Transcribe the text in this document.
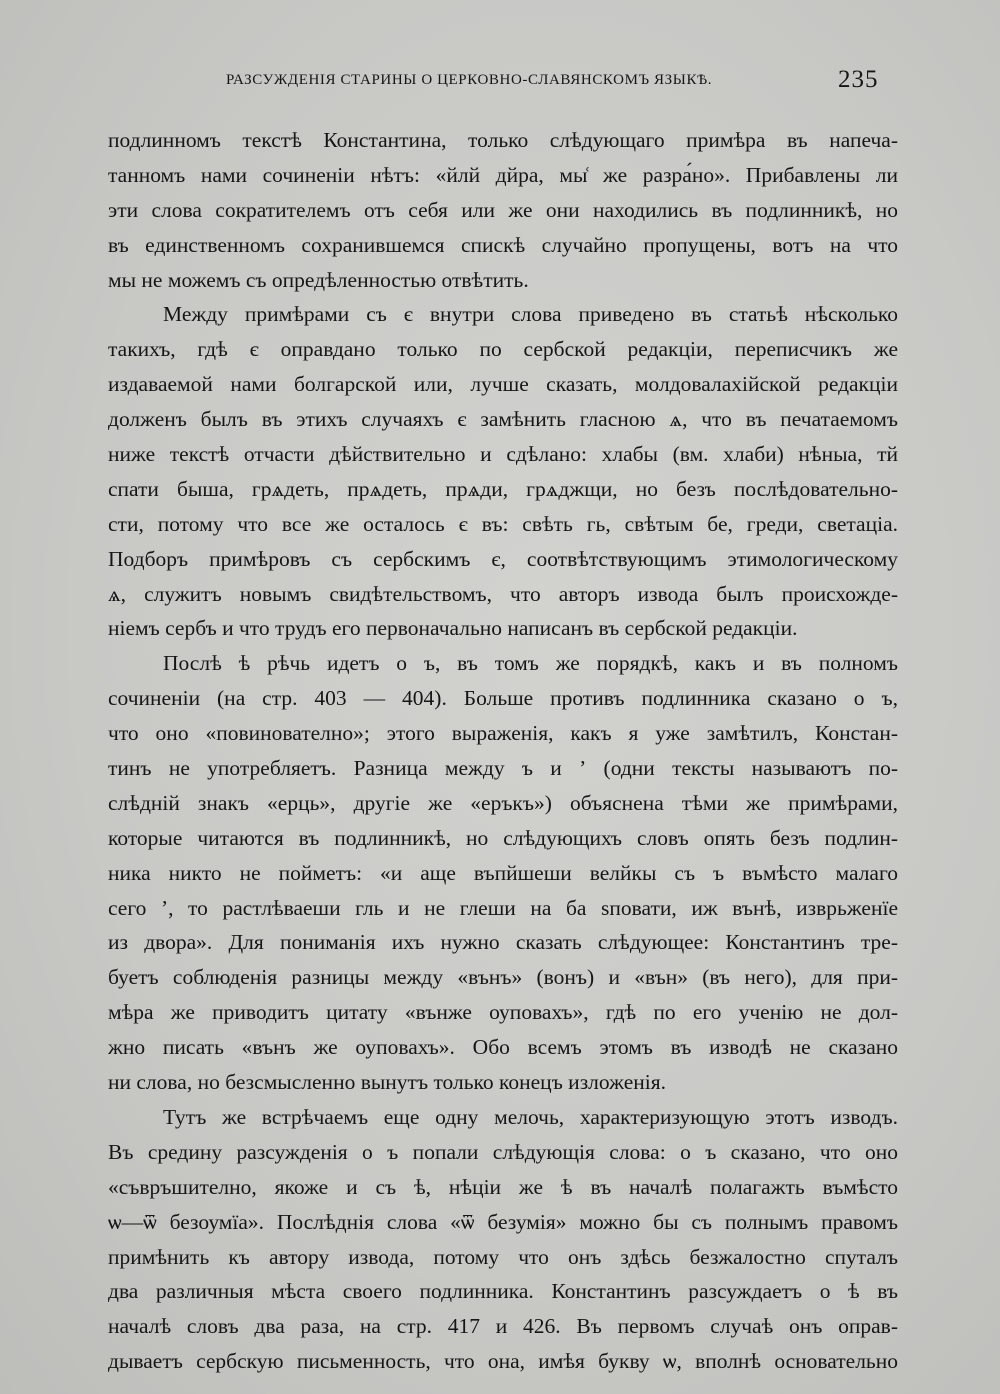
РАЗСУЖДЕНІЯ СТАРИНЫ О ЦЕРКОВНО-СЛАВЯНСКОМЪ ЯЗЫКѢ.	235
подлинномъ текстѣ Константина, только слѣдующаго примѣра въ напеча-
танномъ нами сочиненіи нѣтъ: «йлй дйра, мы͑ же разра́но». Прибавлены ли
эти слова сократителемъ отъ себя или же они находились въ подлинникѣ, но
въ единственномъ сохранившемся спискѣ случайно пропущены, вотъ на что
мы не можемъ съ опредѣленностью отвѣтить.
Между примѣрами съ є внутри слова приведено въ статьѣ нѣсколько
такихъ, гдѣ є оправдано только по сербской редакціи, переписчикъ же
издаваемой нами болгарской или, лучше сказать, молдовалахійской редакціи
долженъ былъ въ этихъ случаяхъ є замѣнить гласною ѧ, что въ печатаемомъ
ниже текстѣ отчасти дѣйствительно и сдѣлано: хлабы (вм. хлаби) нѣныа, тй
спати быша, грѧдеть, прѧдеть, прѧди, грѧджщи, но безъ послѣдовательно-
сти, потому что все же осталось є въ: свѣть гь, свѣтым бе, греди, светаціа.
Подборъ примѣровъ съ сербскимъ є, соотвѣтствующимъ этимологическому
ѧ, служитъ новымъ свидѣтельствомъ, что авторъ извода былъ происхожде-
ніемъ сербъ и что трудъ его первоначально написанъ въ сербской редакціи.
Послѣ ѣ рѣчь идетъ о ъ, въ томъ же порядкѣ, какъ и въ полномъ
сочиненіи (на стр. 403 — 404). Больше противъ подлинника сказано о ъ,
что оно «повинователно»; этого выраженія, какъ я уже замѣтилъ, Констан-
тинъ не употребляетъ. Разница между ъ и ʼ (одни тексты называютъ по-
слѣдній знакъ «ерць», другіе же «еръкъ») объяснена тѣми же примѣрами,
которые читаются въ подлинникѣ, но слѣдующихъ словъ опять безъ подлин-
ника никто не пойметъ: «и аще въпйшеши велйкы съ ъ въмѣсто малаго
сего ʼ, то растлѣваеши гль и не глеши на ба ѕповати, иж вънѣ, изврьженїе
из двора». Для пониманія ихъ нужно сказать слѣдующее: Константинъ тре-
буетъ соблюденія разницы между «вънъ» (вонъ) и «вън» (въ него), для при-
мѣра же приводитъ цитату «вънже оуповахъ», гдѣ по его ученію не дол-
жно писать «вънъ же оуповахъ». Обо всемъ этомъ въ изводѣ не сказано
ни слова, но безсмысленно вынутъ только конецъ изложенія.
Тутъ же встрѣчаемъ еще одну мелочь, характеризующую этотъ изводъ.
Въ средину разсужденія о ъ попали слѣдующія слова: о ъ сказано, что оно
«съвръшително, якоже и съ ѣ, нѣціи же ѣ въ началѣ полагажть въмѣсто
ѡ—ѿ безоумїа». Послѣднія слова «ѿ безумія» можно бы съ полнымъ правомъ
примѣнить къ автору извода, потому что онъ здѣсь безжалостно спуталъ
два различныя мѣста своего подлинника. Константинъ разсуждаетъ о ѣ въ
началѣ словъ два раза, на стр. 417 и 426. Въ первомъ случаѣ онъ оправ-
дываетъ сербскую письменность, что она, имѣя букву ѡ, вполнѣ основательно
